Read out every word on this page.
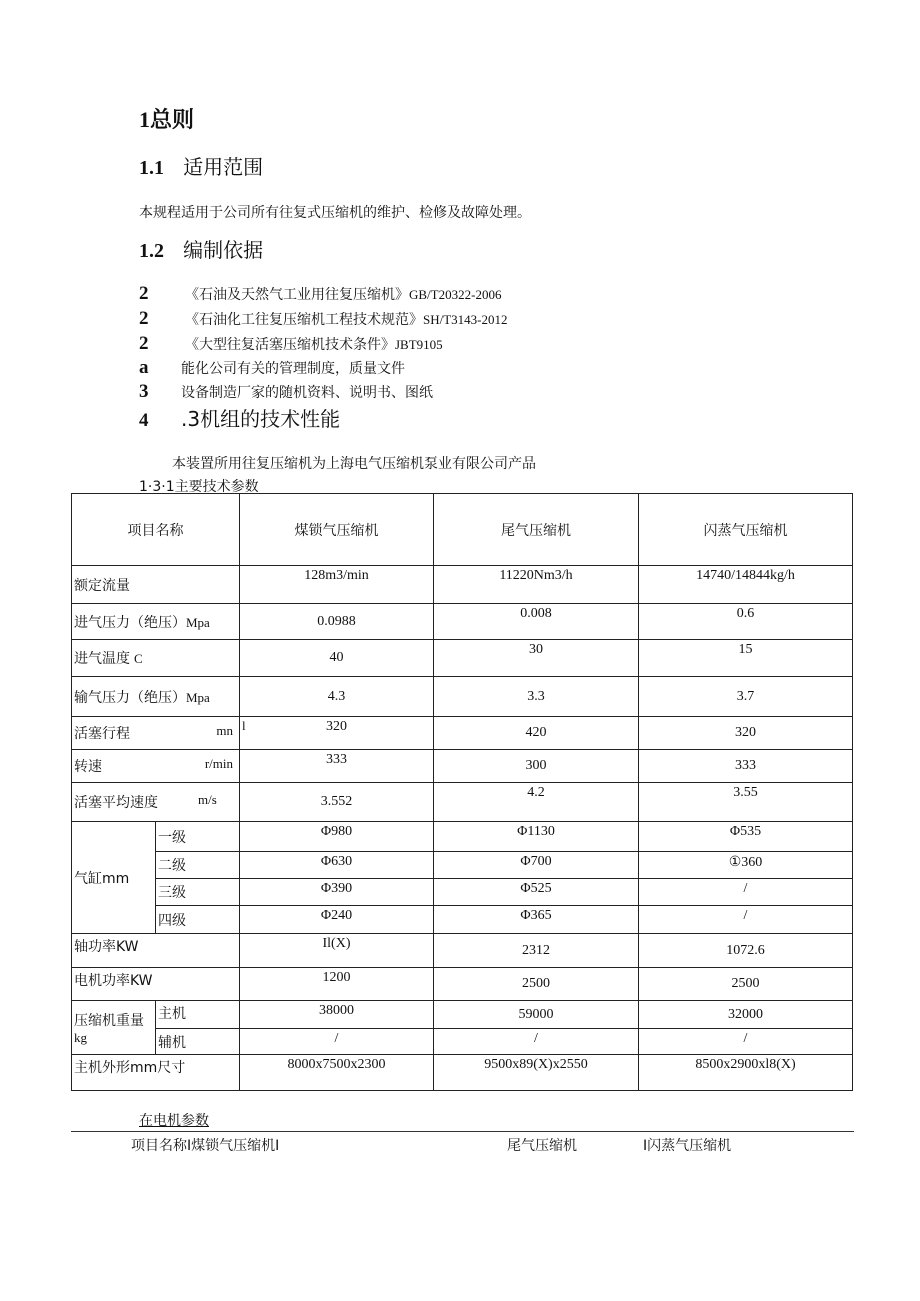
1总则
1.1 适用范围
本规程适用于公司所有往复式压缩机的维护、检修及故障处理。
1.2 编制依据
2	《石油及天然气工业用往复压缩机》GB/T20322-2006
2	《石油化工往复压缩机工程技术规范》SH/T3143-2012
2	《大型往复活塞压缩机技术条件》JBT9105
a 能化公司有关的管理制度，质量文件
3 设备制造厂家的随机资料、说明书、图纸
4 .3机组的技术性能
本装置所用往复压缩机为上海电气压缩机泵业有限公司产品
1·3·1主要技术参数
项目名称		煤锁气压缩机	尾气压缩机	闪蒸气压缩机
额定流量		128m3/min	11220Nm3/h	14740/14844kg/h
进气压力（绝压）Mpa		0.0988	0.008	0.6
进气温度 C		40	30	15
输气压力（绝压）Mpa		4.3	3.3	3.7

活塞行程 mn		l 320	420	320

转速 r/min		333	300	333

活塞平均速度 m/s		3.552	4.2	3.55
气缸mm	一级	Φ980	Φ1130	Φ535
	二级	Φ630	Φ700	①360
	三级	Φ390	Φ525	/
	四级	Φ240	Φ365	/
轴功率KW		Il(X)	2312	1072.6
电机功率KW		1200	2500	2500

压缩机重量
kg	主机	38000	59000	32000
	辅机	/	/	/
主机外形mm尺寸		8000x7500x2300	9500x89(X)x2550	8500x2900xl8(X)
在电机参数
项目名称I煤锁气压缩机I	尾气压缩机	I闪蒸气压缩机
